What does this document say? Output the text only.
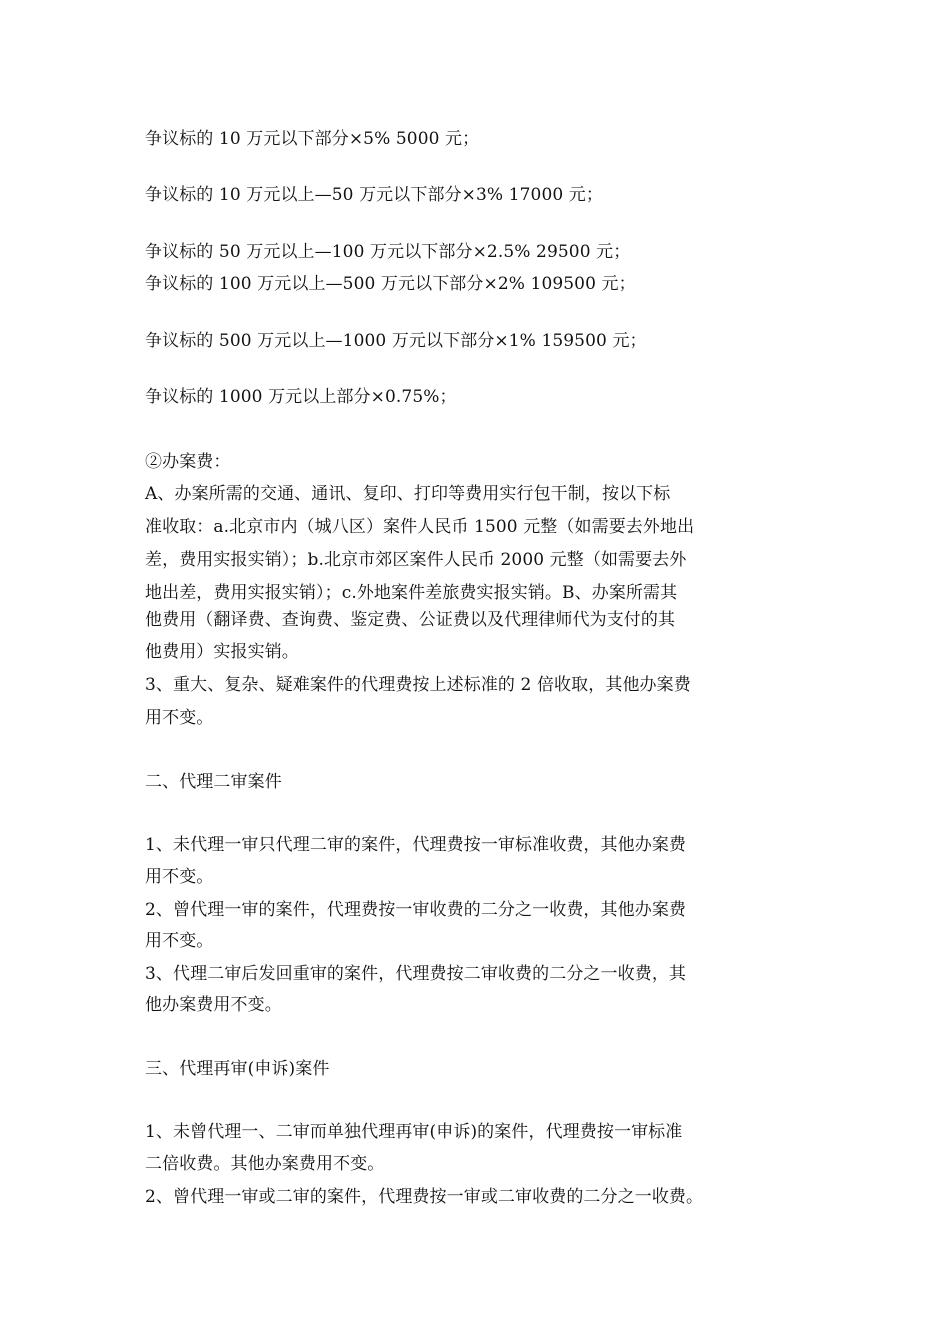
争议标的 10 万元以下部分×5% 5000 元；
争议标的 10 万元以上—50 万元以下部分×3% 17000 元；
争议标的 50 万元以上—100 万元以下部分×2.5% 29500 元；
争议标的 100 万元以上—500 万元以下部分×2% 109500 元；
争议标的 500 万元以上—1000 万元以下部分×1% 159500 元；
争议标的 1000 万元以上部分×0.75%；
②办案费：
A、办案所需的交通、通讯、复印、打印等费用实行包干制，按以下标
准收取：a.北京市内（城八区）案件人民币 1500 元整（如需要去外地出
差，费用实报实销）；b.北京市郊区案件人民币 2000 元整（如需要去外
地出差，费用实报实销）；c.外地案件差旅费实报实销。B、办案所需其
他费用（翻译费、查询费、鉴定费、公证费以及代理律师代为支付的其
他费用）实报实销。
3、重大、复杂、疑难案件的代理费按上述标准的 2 倍收取，其他办案费
用不变。
二、代理二审案件
1、未代理一审只代理二审的案件，代理费按一审标准收费，其他办案费
用不变。
2、曾代理一审的案件，代理费按一审收费的二分之一收费，其他办案费
用不变。
3、代理二审后发回重审的案件，代理费按二审收费的二分之一收费，其
他办案费用不变。
三、代理再审(申诉)案件
1、未曾代理一、二审而单独代理再审(申诉)的案件，代理费按一审标准
二倍收费。其他办案费用不变。
2、曾代理一审或二审的案件，代理费按一审或二审收费的二分之一收费。
